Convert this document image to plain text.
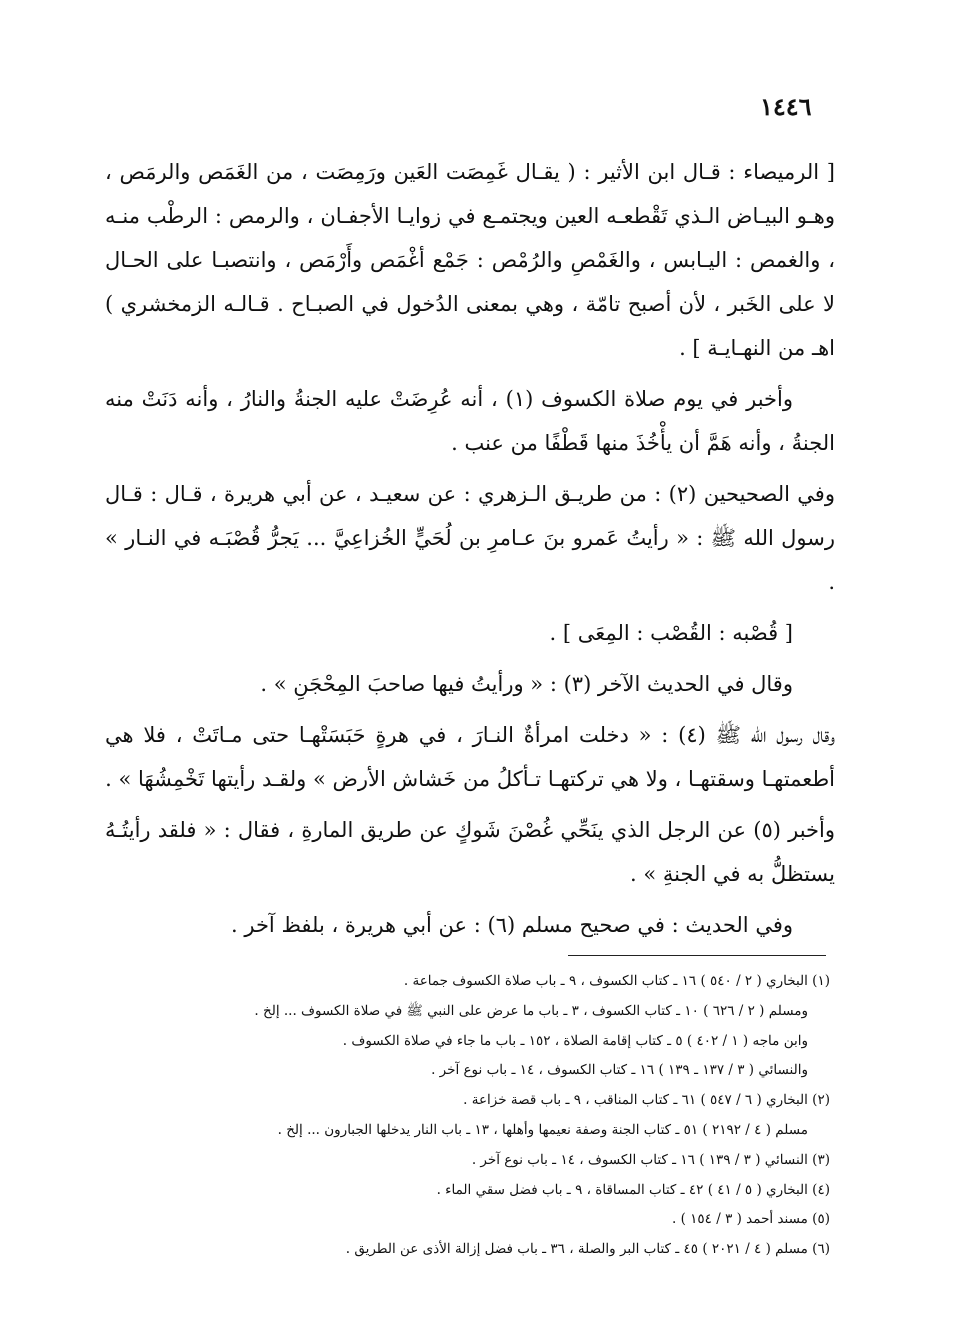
١٤٤٦

[ الرميصاء : قـال ابن الأثير : ( يقـال غَمِصَت العَين ورَمِصَت ، من الغَمَص والرمَص ، وهـو البيـاض الـذي تَقْطعـه العين ويجتمـع في زوايـا الأجفـان ، والرمص : الرطْب منـه ، والغمص : اليـابس ، والغَمْصِ والرُمْص : جَمْع أغْمَص وأَرْمَص ، وانتصبـا على الحـال لا على الخَبر ، لأن أصبح تامّة ، وهي بمعنى الدُخول في الصبـاح . قـالـه الزمخشري ) اهـ من النهـايـة ] .

وأخبر في يوم صلاة الكسوف (١) ، أنه عُرِضَتْ عليه الجنةُ والنارُ ، وأنه دَنَتْ منه الجنةُ ، وأنه هَمَّ أن يأْخُذَ منها قَطْفًا من عنب .

وفي الصحيحين (٢) : من طريـق الـزهري : عن سعيـد ، عن أبي هريرة ، قـال : قـال رسول الله ﷺ : « رأيتُ عَمرو بنَ عـامرِ بن لُحَيٍّ الخُزاعِيَّ ... يَجرُّ قُصْبَـه في النـار » .

[ قُصْبه : القُصْب : المِعَى ] .

وقال في الحديث الآخر (٣) : « ورأيتُ فيها صاحبَ المِحْجَنِ » .

وقال رسول الله ﷺ (٤) : « دخلت امرأةٌ النـارَ ، في هرةٍ حَبَسَتْهـا حتى مـاتَتْ ، فلا هي أطعمتهـا وسقتهـا ، ولا هي تركتهـا تـأكلُ من خَشاش الأرض » ولقـد رأيتها تَخْمِشُهَا » .

وأخبر (٥) عن الرجل الذي ينَحِّي غُصْنَ شَوكٍ عن طريق المارةِ ، فقال : « فلقد رأيتُـهُ يستظلُّ به في الجنةِ » .

وفي الحديث : في صحيح مسلم (٦) : عن أبي هريرة ، بلفظ آخر .

(١) البخاري ( ٢ / ٥٤٠ ) ١٦ ـ كتاب الكسوف ، ٩ ـ باب صلاة الكسوف جماعة .

ومسلم ( ٢ / ٦٢٦ ) ١٠ ـ كتاب الكسوف ، ٣ ـ باب ما عرض على النبي ﷺ في صلاة الكسوف ... إلخ .

وابن ماجه ( ١ / ٤٠٢ ) ٥ ـ كتاب إقامة الصلاة ، ١٥٢ ـ باب ما جاء في صلاة الكسوف .

والنسائي ( ٣ / ١٣٧ ـ ١٣٩ ) ١٦ ـ كتاب الكسوف ، ١٤ ـ باب نوع آخر .

(٢) البخاري ( ٦ / ٥٤٧ ) ٦١ ـ كتاب المناقب ، ٩ ـ باب قصة خزاعة .

مسلم ( ٤ / ٢١٩٢ ) ٥١ ـ كتاب الجنة وصفة نعيمها وأهلها ، ١٣ ـ باب النار يدخلها الجبارون ... إلخ .

(٣) النسائي ( ٣ / ١٣٩ ) ١٦ ـ كتاب الكسوف ، ١٤ ـ باب نوع آخر .

(٤) البخاري ( ٥ / ٤١ ) ٤٢ ـ كتاب المساقاة ، ٩ ـ باب فضل سقي الماء .

(٥) مسند أحمد ( ٣ / ١٥٤ ) .

(٦) مسلم ( ٤ / ٢٠٢١ ) ٤٥ ـ كتاب البر والصلة ، ٣٦ ـ باب فضل إزالة الأذى عن الطريق .
